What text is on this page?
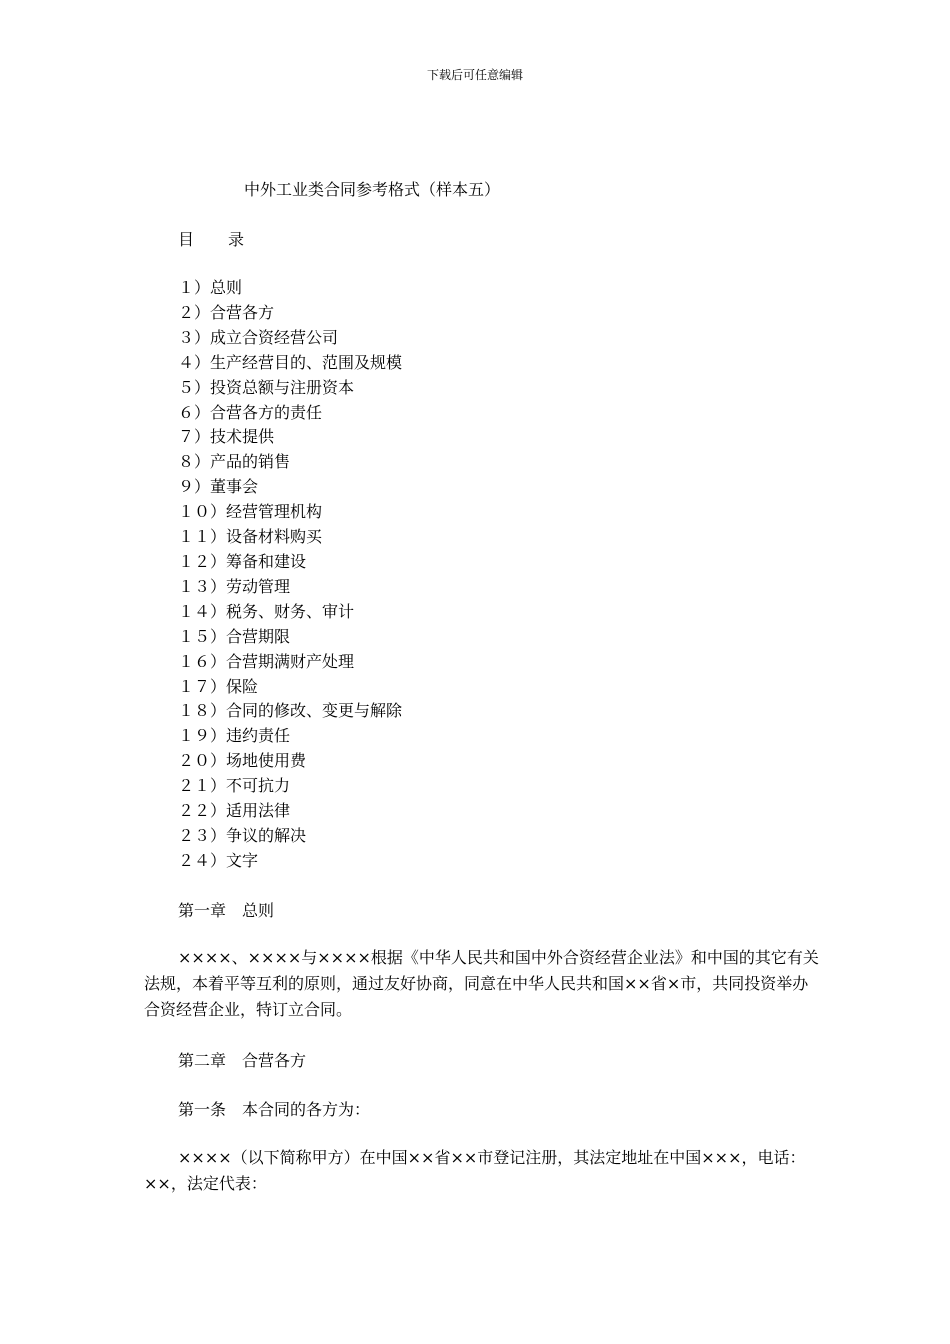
下载后可任意编辑
中外工业类合同参考格式（样本五）
目 录
１）总则
２）合营各方
３）成立合资经营公司
４）生产经营目的、范围及规模
５）投资总额与注册资本
６）合营各方的责任
７）技术提供
８）产品的销售
９）董事会
１０）经营管理机构
１１）设备材料购买
１２）筹备和建设
１３）劳动管理
１４）税务、财务、审计
１５）合营期限
１６）合营期满财产处理
１７）保险
１８）合同的修改、变更与解除
１９）违约责任
２０）场地使用费
２１）不可抗力
２２）适用法律
２３）争议的解决
２４）文字
第一章　总则
××××、××××与××××根据《中华人民共和国中外合资经营企业法》和中国的其它有关法规，本着平等互利的原则，通过友好协商，同意在中华人民共和国××省×市，共同投资举办合资经营企业，特订立合同。
第二章　合营各方
第一条　本合同的各方为：
××××（以下简称甲方）在中国××省××市登记注册，其法定地址在中国×××，电话：××，法定代表：
